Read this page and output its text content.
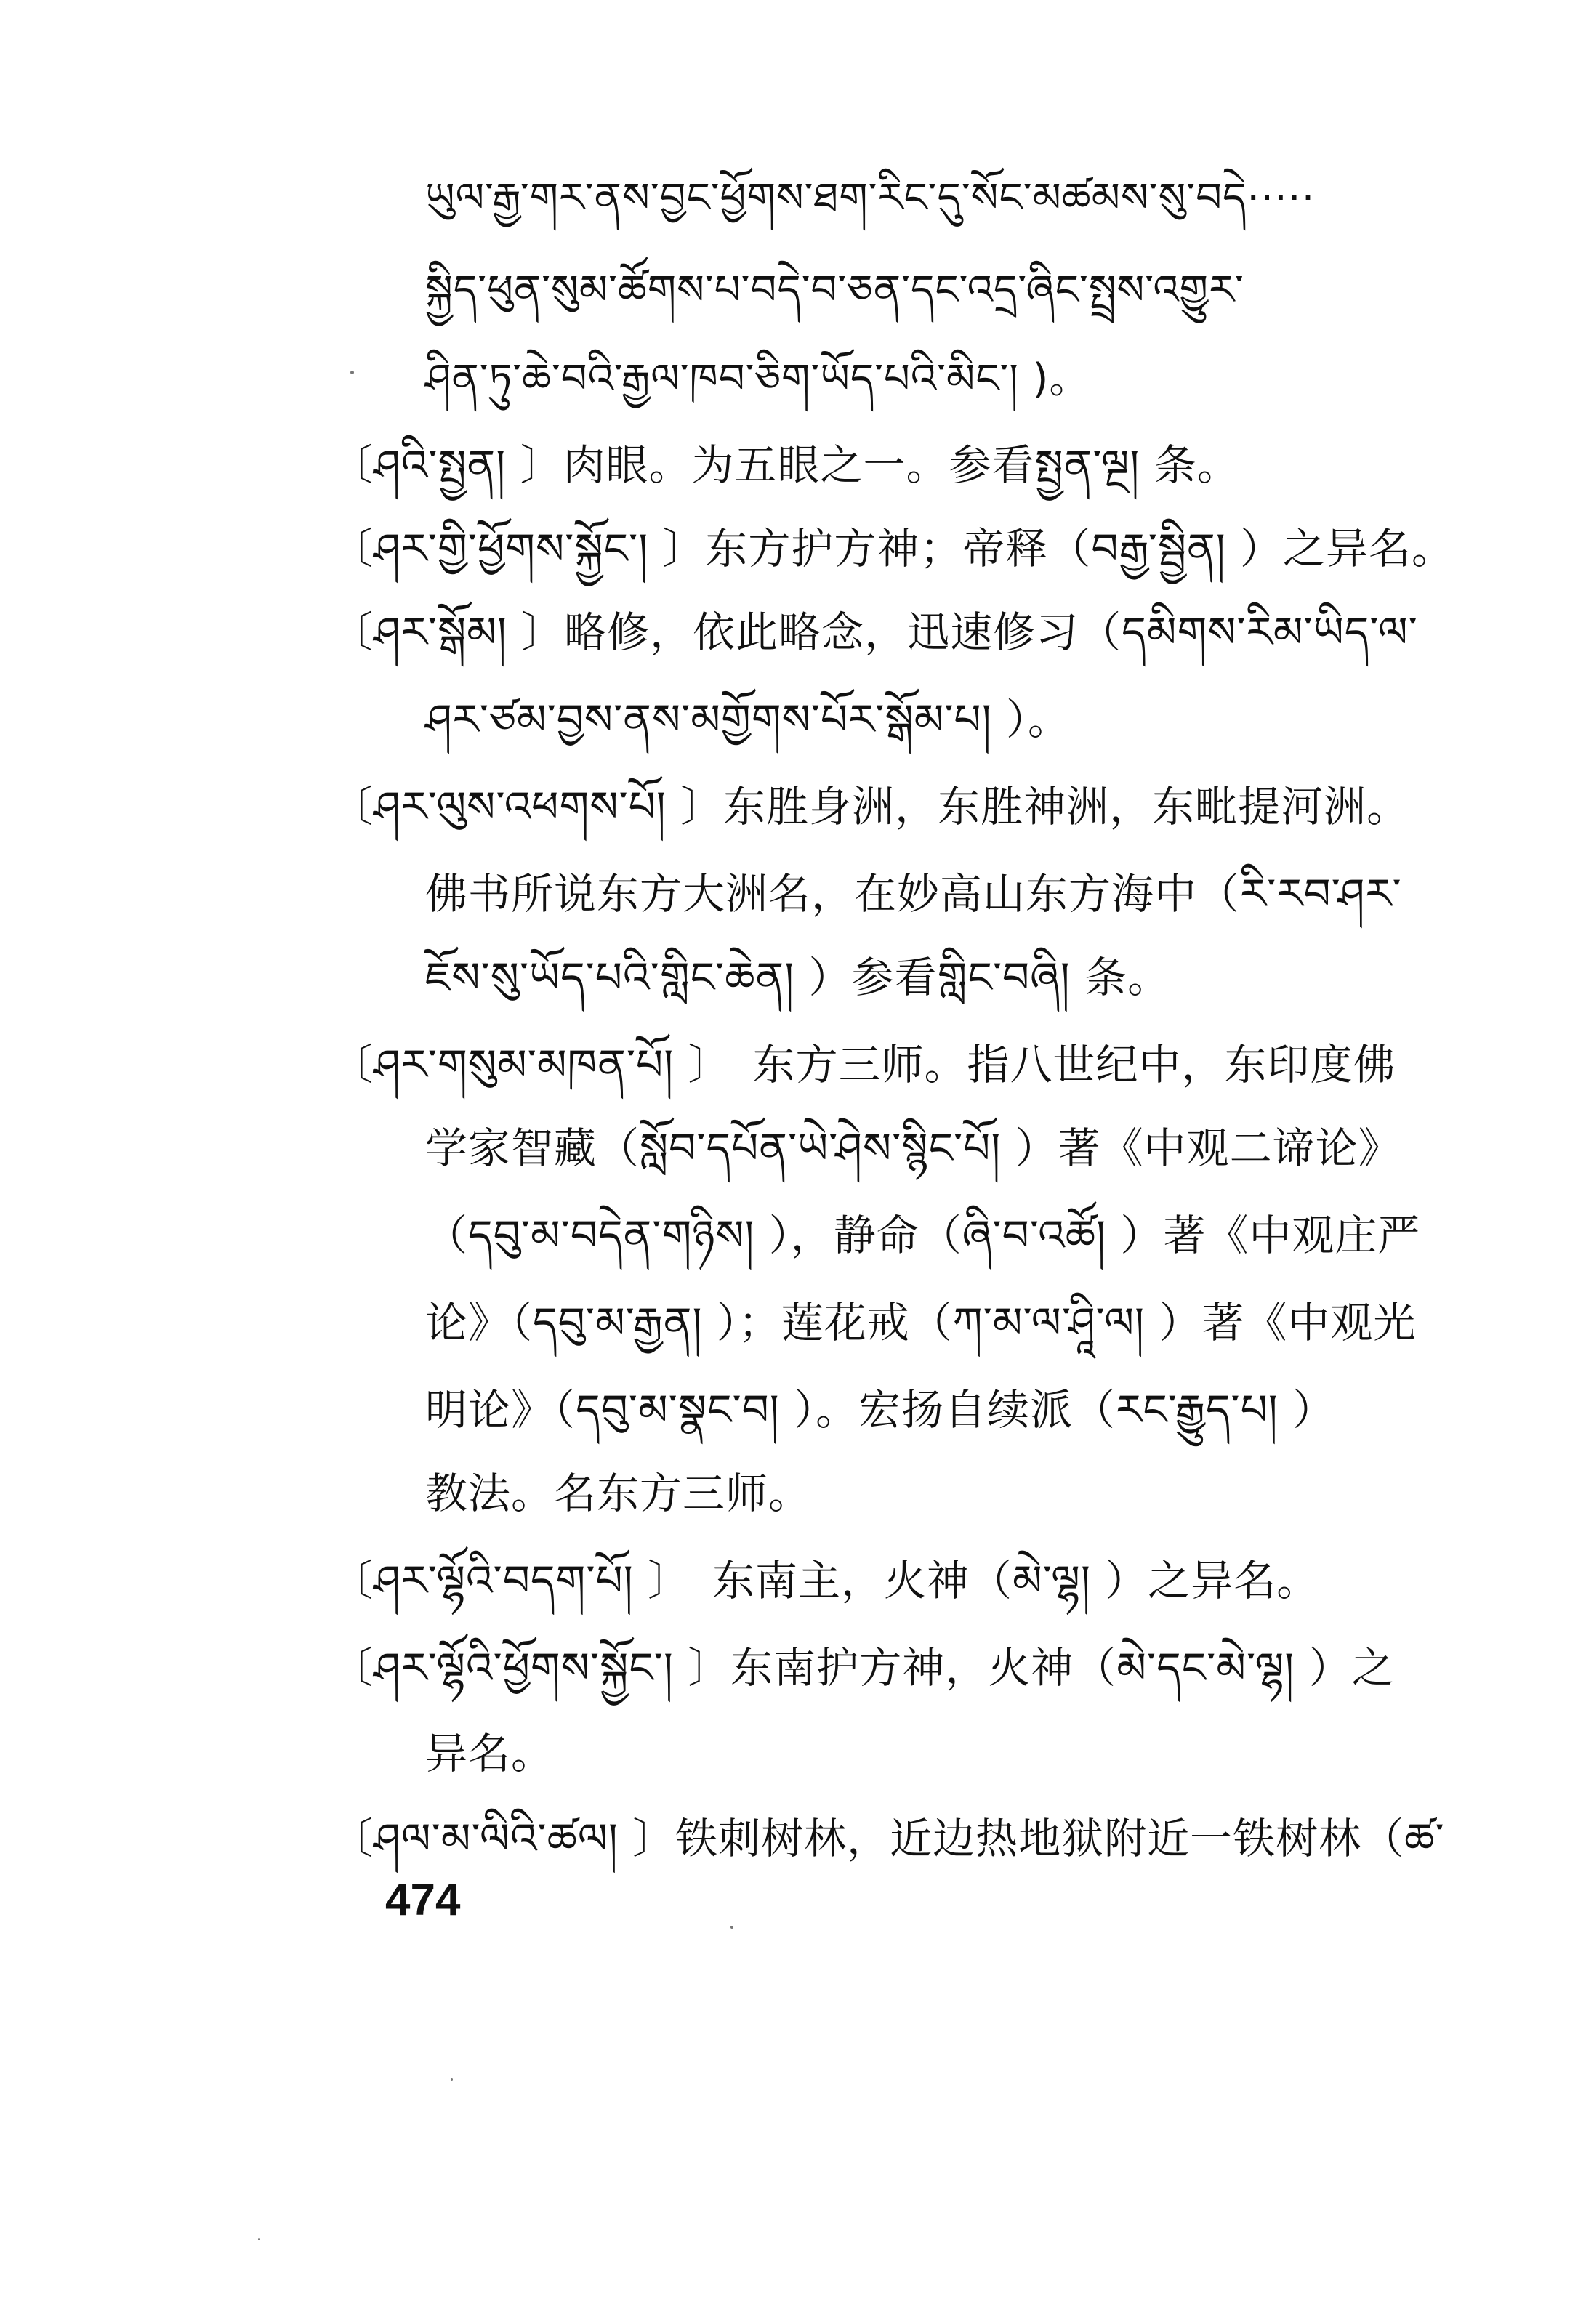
ཡུལ་རྒྱ་གར་ནས་བྱང་ཕྱོགས་ཐག་རིང་དུ་སོང་མཚམས་སུ་བདེ·····
སྐྱིད་ཕུན་སུམ་ཚོགས་པ་བདེ་བ་ཅན་དང་འདྲ་ཞིང་སྤྲས་འགྱུར་
ཤིན་ཏུ་ཆེ་བའི་རྒྱལ་ཁབ་ཅིག་ཡོད་པའི་མིང་། )。
〔ཤའི་སྤྱན། 〕肉眼。为五眼之一。参看སྤྱན་ལྔ། 条。
〔ཤར་གྱི་ཕྱོགས་སྐྱོང་། 〕东方护方神；帝释（བརྒྱ་སྦྱིན། ）之异名。
〔ཤར་སྒོམ། 〕略修，依此略念，迅速修习（དམིགས་རིམ་ཡིད་ལ་
ཤར་ཙམ་བྱས་ནས་མགྱོགས་པོར་སྒོམ་པ། ）。
〔ཤར་ལུས་འཕགས་པོ། 〕东胜身洲，东胜神洲，东毗提河洲。
佛书所说东方大洲名，在妙高山东方海中（རི་རབ་ཤར་
ཇོས་སུ་ཡོད་པའི་གླིང་ཆེན། ）参看གླིང་བཞི། 条。
〔ཤར་གསུམ་མཁན་པོ། 〕　东方三师。指八世纪中，东印度佛
学家智藏（སློབ་དཔོན་ཡེ་ཤེས་སྙིང་པོ། ）著《中观二谛论》
（དབུ་མ་བདེན་གཉིས། ），静命（ཞི་བ་འཚོ། ）著《中观庄严
论》（དབུ་མ་རྒྱན། ）；莲花戒（ཀ་མ་ལ་ཤཱི་ལ། ）著《中观光
明论》（དབུ་མ་སྣང་བ། ）。宏扬自续派（རང་རྒྱུད་པ། ）
教法。名东方三师。
〔ཤར་ལྷོའི་བདག་པོ། 〕　东南主，火神（མེ་ལྷ། ）之异名。
〔ཤར་ལྷོའི་ཕྱོགས་སྐྱོང་། 〕东南护方神，火神（མེ་དང་མེ་ལྷ། ）之
异名。
〔ཤལ་མ་ལིའི་ཚལ། 〕铁刺树林，近边热地狱附近一铁树林（ཚ་
474
